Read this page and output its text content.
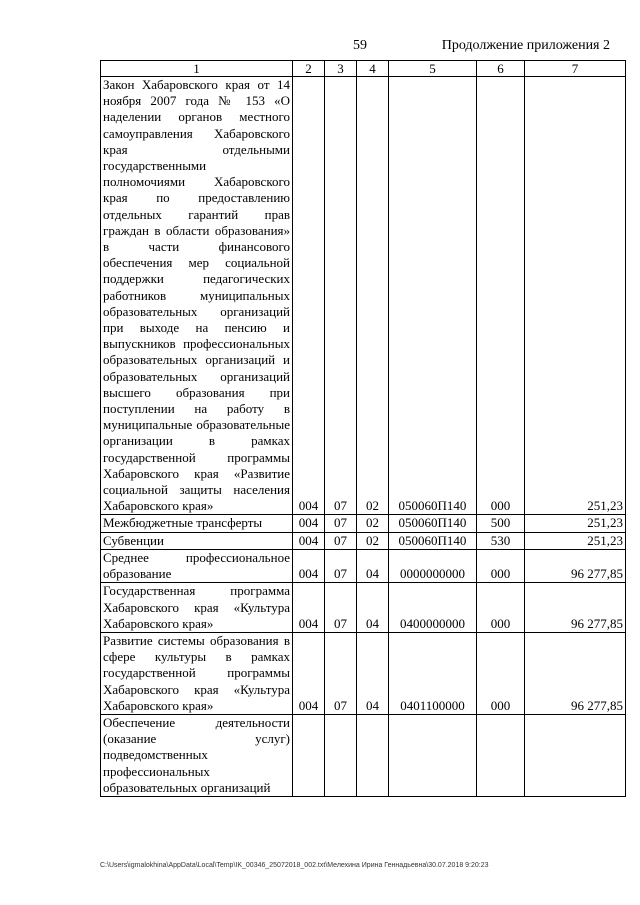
59	Продолжение приложения 2
1	2	3	4	5	6	7
Закон Хабаровского края от 14 ноября 2007 года № 153 «О наделении органов местного самоуправления Хабаровского края отдельными государственными полномочиями Хабаровского края по предоставлению отдельных гарантий прав граждан в области образования» в части финансового обеспечения мер социальной поддержки педагогических работников муниципальных образовательных организаций при выходе на пенсию и выпускников профессиональных образовательных организаций и образовательных организаций высшего образования при поступлении на работу в муниципальные образовательные организации в рамках государственной программы Хабаровского края «Развитие социальной защиты населения Хабаровского края»	004	07	02	050060П140	000	251,23
Межбюджетные трансферты	004	07	02	050060П140	500	251,23
Субвенции	004	07	02	050060П140	530	251,23
Среднее профессиональное образование	004	07	04	0000000000	000	96 277,85
Государственная программа Хабаровского края «Культура Хабаровского края»	004	07	04	0400000000	000	96 277,85
Развитие системы образования в сфере культуры в рамках государственной программы Хабаровского края «Культура Хабаровского края»	004	07	04	0401100000	000	96 277,85
Обеспечение деятельности (оказание услуг) подведомственных профессиональных образовательных организаций						
C:\Users\igmalokhina\AppData\Local\Temp\IK_00346_25072018_002.txt\Мелехина Ирина Геннадьевна\30.07.2018 9:20:23
